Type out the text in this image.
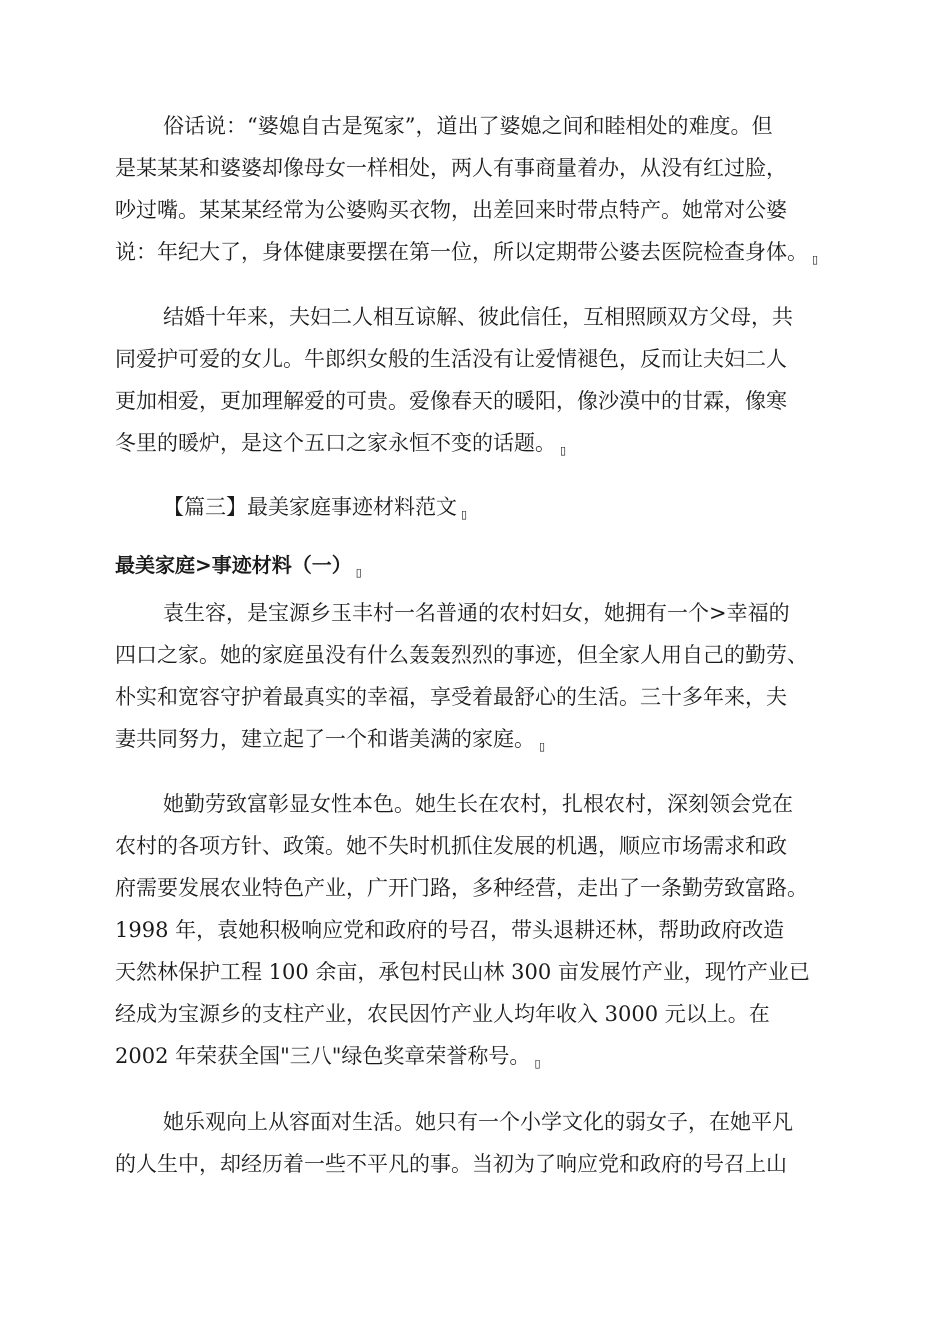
俗话说：“婆媳自古是冤家”，道出了婆媳之间和睦相处的难度。但
是某某某和婆婆却像母女一样相处，两人有事商量着办，从没有红过脸，
吵过嘴。某某某经常为公婆购买衣物，出差回来时带点特产。她常对公婆
说：年纪大了，身体健康要摆在第一位，所以定期带公婆去医院检查身体。 ▯

结婚十年来，夫妇二人相互谅解、彼此信任，互相照顾双方父母，共
同爱护可爱的女儿。牛郎织女般的生活没有让爱情褪色，反而让夫妇二人
更加相爱，更加理解爱的可贵。爱像春天的暖阳，像沙漠中的甘霖，像寒
冬里的暖炉，是这个五口之家永恒不变的话题。 ▯

【篇三】最美家庭事迹材料范文 ▯

最美家庭>事迹材料（一） ▯

袁生容，是宝源乡玉丰村一名普通的农村妇女，她拥有一个>幸福的
四口之家。她的家庭虽没有什么轰轰烈烈的事迹，但全家人用自己的勤劳、
朴实和宽容守护着最真实的幸福，享受着最舒心的生活。三十多年来，夫
妻共同努力，建立起了一个和谐美满的家庭。 ▯

她勤劳致富彰显女性本色。她生长在农村，扎根农村，深刻领会党在
农村的各项方针、政策。她不失时机抓住发展的机遇，顺应市场需求和政
府需要发展农业特色产业，广开门路，多种经营，走出了一条勤劳致富路。
1998 年，袁她积极响应党和政府的号召，带头退耕还林，帮助政府改造
天然林保护工程 100 余亩，承包村民山林 300 亩发展竹产业，现竹产业已
经成为宝源乡的支柱产业，农民因竹产业人均年收入 3000 元以上。在
2002 年荣获全国"三八"绿色奖章荣誉称号。 ▯

她乐观向上从容面对生活。她只有一个小学文化的弱女子，在她平凡
的人生中，却经历着一些不平凡的事。当初为了响应党和政府的号召上山
